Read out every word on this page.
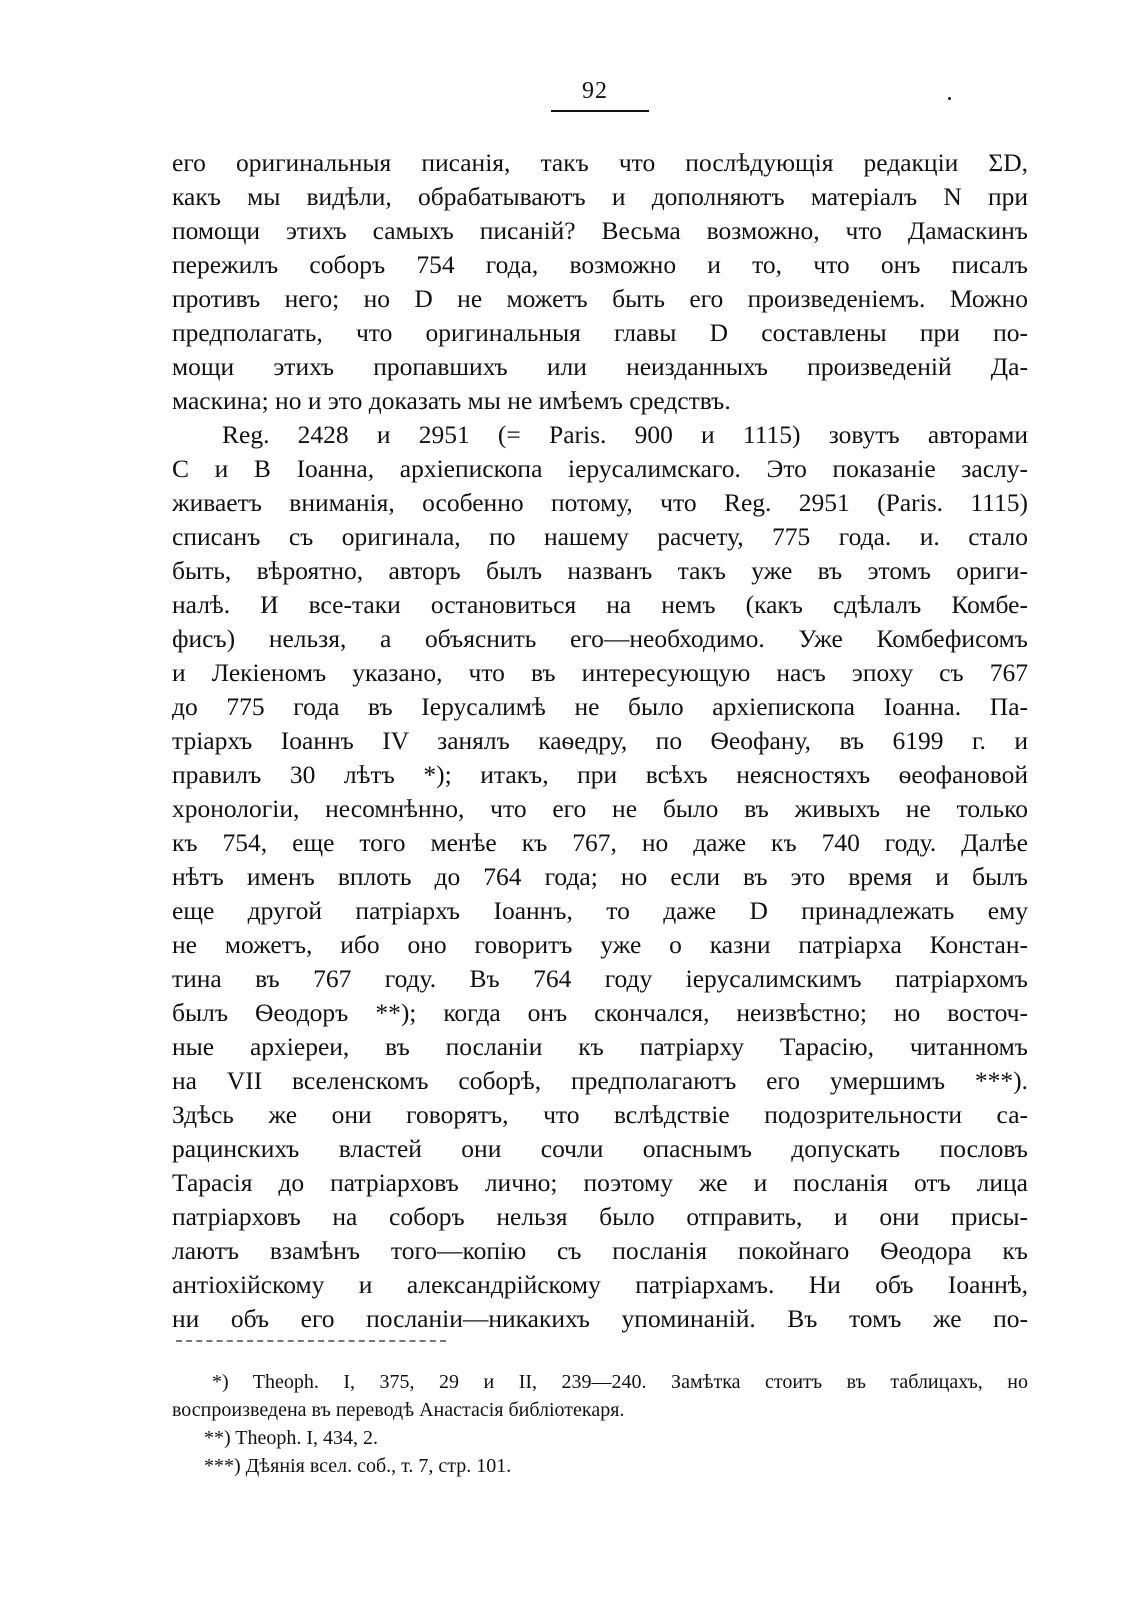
92
его оригинальныя писанія, такъ что послѣдующія редакціи ΣD,
какъ мы видѣли, обрабатываютъ и дополняютъ матеріалъ N при
помощи этихъ самыхъ писаній? Весьма возможно, что Дамаскинъ
пережилъ соборъ 754 года, возможно и то, что онъ писалъ
противъ него; но D не можетъ быть его произведеніемъ. Можно
предполагать, что оригинальныя главы D составлены при по-
мощи этихъ пропавшихъ или неизданныхъ произведеній Да-
маскина; но и это доказать мы не имѣемъ средствъ.
Reg. 2428 и 2951 (= Paris. 900 и 1115) зовутъ авторами
C и B Іоанна, архіепископа іерусалимскаго. Это показаніе заслу-
живаетъ вниманія, особенно потому, что Reg. 2951 (Paris. 1115)
списанъ съ оригинала, по нашему расчету, 775 года. и. стало
быть, вѣроятно, авторъ былъ названъ такъ уже въ этомъ ориги-
налѣ. И все-таки остановиться на немъ (какъ сдѣлалъ Комбе-
фисъ) нельзя, а объяснить его—необходимо. Уже Комбефисомъ
и Лекіеномъ указано, что въ интересующую насъ эпоху съ 767
до 775 года въ Іерусалимѣ не было архіепископа Іоанна. Па-
тріархъ Іоаннъ IV занялъ каѳедру, по Ѳеофану, въ 6199 г. и
правилъ 30 лѣтъ *); итакъ, при всѣхъ неясностяхъ ѳеофановой
хронологіи, несомнѣнно, что его не было въ живыхъ не только
къ 754, еще того менѣе къ 767, но даже къ 740 году. Далѣе
нѣтъ именъ вплоть до 764 года; но если въ это время и былъ
еще другой патріархъ Іоаннъ, то даже D принадлежать ему
не можетъ, ибо оно говоритъ уже о казни патріарха Констан-
тина въ 767 году. Въ 764 году іерусалимскимъ патріархомъ
былъ Ѳеодоръ **); когда онъ скончался, неизвѣстно; но восточ-
ные архіереи, въ посланіи къ патріарху Тарасію, читанномъ
на VII вселенскомъ соборѣ, предполагаютъ его умершимъ ***).
Здѣсь же они говорятъ, что вслѣдствіе подозрительности са-
рацинскихъ властей они сочли опаснымъ допускать пословъ
Тарасія до патріарховъ лично; поэтому же и посланія отъ лица
патріарховъ на соборъ нельзя было отправить, и они присы-
лаютъ взамѣнъ того—копію съ посланія покойнаго Ѳеодора къ
антіохійскому и александрійскому патріархамъ. Ни объ Іоаннѣ,
ни объ его посланіи—никакихъ упоминаній. Въ томъ же по-
*) Theoph. I, 375, 29 и II, 239—240. Замѣтка стоитъ въ таблицахъ, но
воспроизведена въ переводѣ Анастасія библіотекаря.
**) Theoph. I, 434, 2.
***) Дѣянія всел. соб., т. 7, стр. 101.
